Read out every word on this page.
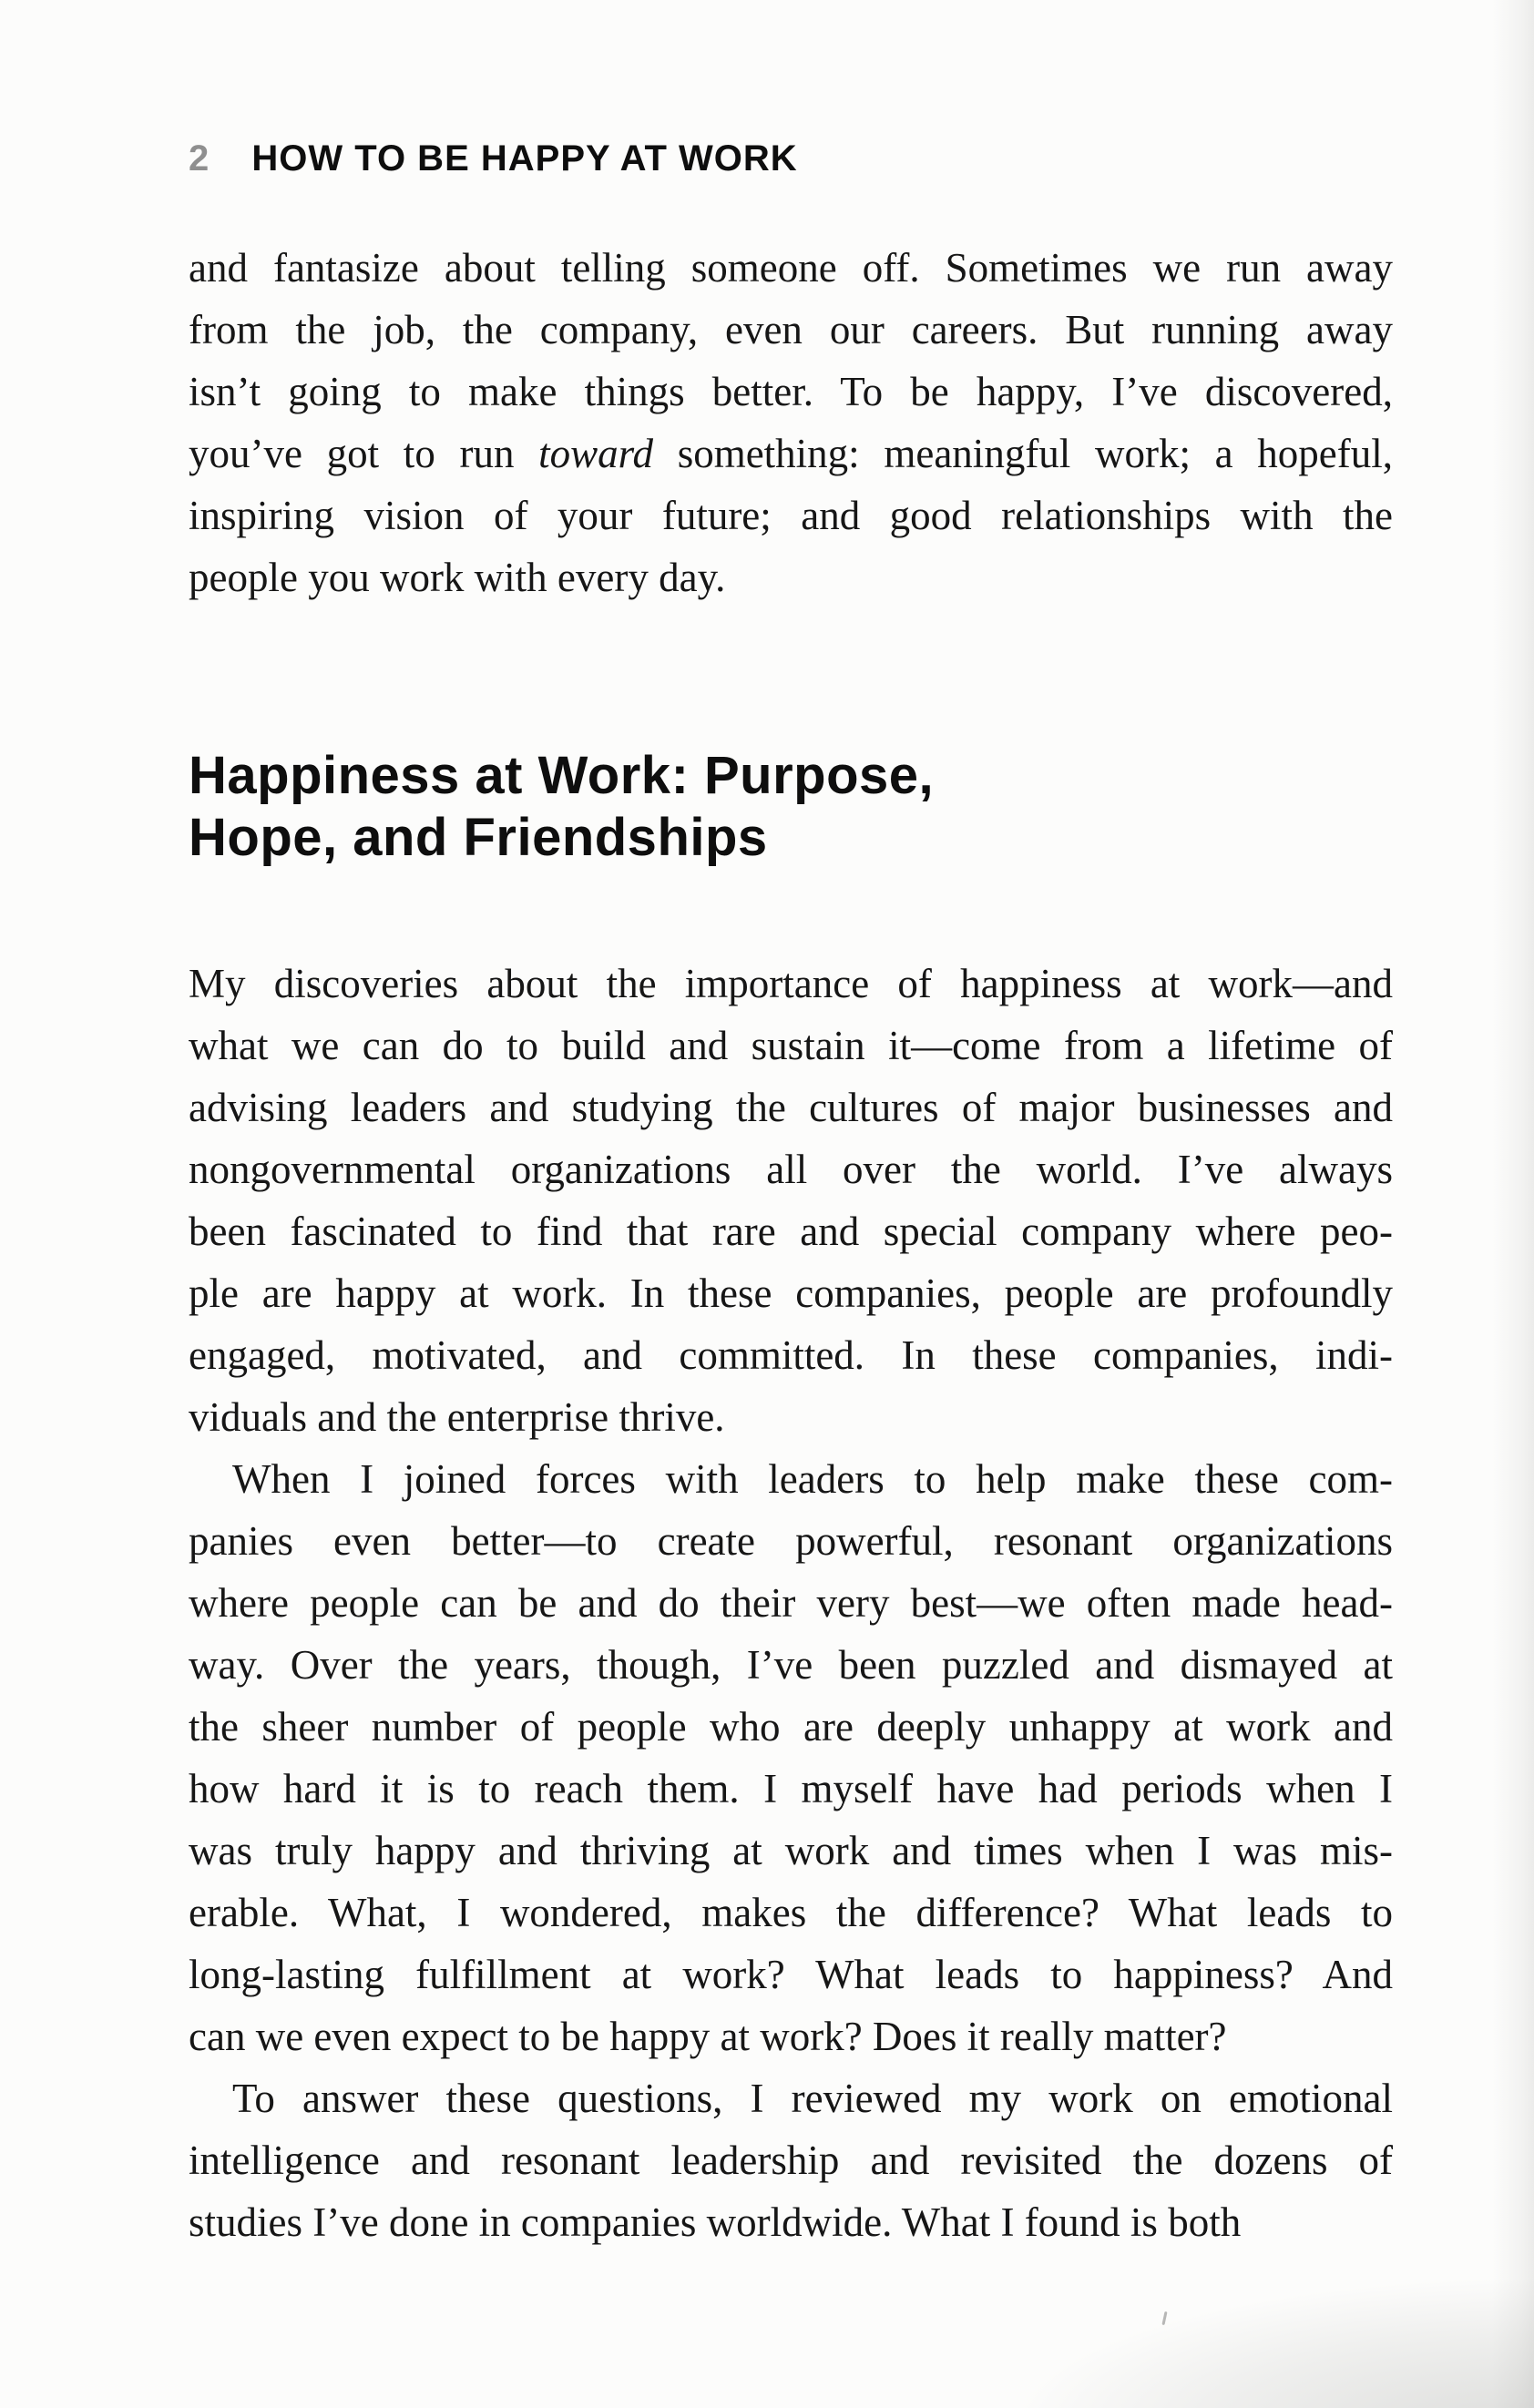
2 HOW TO BE HAPPY AT WORK
and fantasize about telling someone off. Sometimes we run away
from the job, the company, even our careers. But running away
isn’t going to make things better. To be happy, I’ve discovered,
you’ve got to run toward something: meaningful work; a hopeful,
inspiring vision of your future; and good relationships with the
people you work with every day.
Happiness at Work: Purpose,
Hope, and Friendships
My discoveries about the importance of happiness at work—and
what we can do to build and sustain it—come from a lifetime of
advising leaders and studying the cultures of major businesses and
nongovernmental organizations all over the world. I’ve always
been fascinated to find that rare and special company where peo-
ple are happy at work. In these companies, people are profoundly
engaged, motivated, and committed. In these companies, indi-
viduals and the enterprise thrive.
When I joined forces with leaders to help make these com-
panies even better—to create powerful, resonant organizations
where people can be and do their very best—we often made head-
way. Over the years, though, I’ve been puzzled and dismayed at
the sheer number of people who are deeply unhappy at work and
how hard it is to reach them. I myself have had periods when I
was truly happy and thriving at work and times when I was mis-
erable. What, I wondered, makes the difference? What leads to
long-lasting fulfillment at work? What leads to happiness? And
can we even expect to be happy at work? Does it really matter?
To answer these questions, I reviewed my work on emotional
intelligence and resonant leadership and revisited the dozens of
studies I’ve done in companies worldwide. What I found is both
